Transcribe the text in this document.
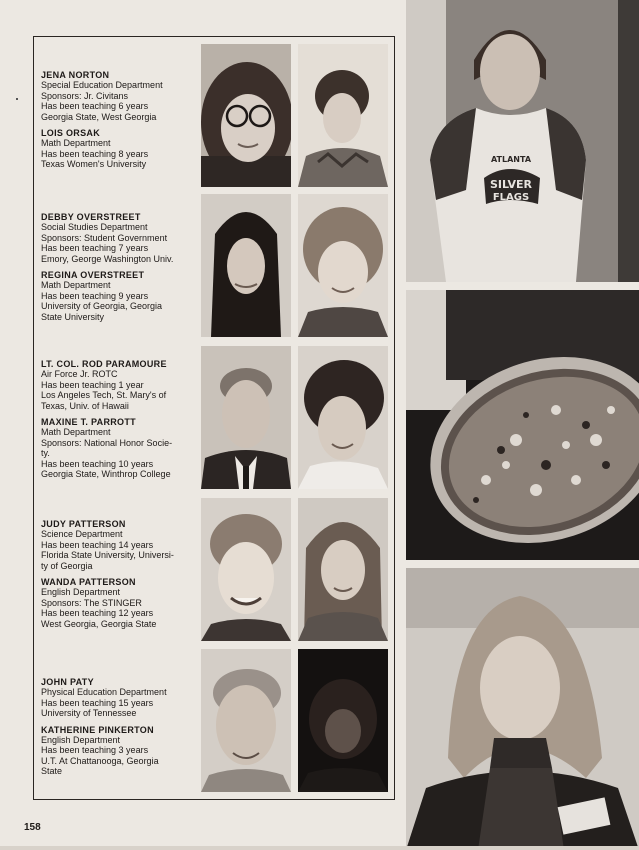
JENA NORTON
Special Education Department
Sponsors: Jr. Civitans
Has been teaching 6 years
Georgia State, West Georgia
LOIS ORSAK
Math Department
Has been teaching 8 years
Texas Women's University
DEBBY OVERSTREET
Social Studies Department
Sponsors: Student Government
Has been teaching 7 years
Emory, George Washington Univ.
REGINA OVERSTREET
Math Department
Has been teaching 9 years
University of Georgia, Georgia
State University
LT. COL. ROD PARAMOURE
Air Force Jr. ROTC
Has been teaching 1 year
Los Angeles Tech, St. Mary's of
Texas, Univ. of Hawaii
MAXINE T. PARROTT
Math Department
Sponsors: National Honor Socie-
ty.
Has been teaching 10 years
Georgia State, Winthrop College
JUDY PATTERSON
Science Department
Has been teaching 14 years
Florida State University, Universi-
ty of Georgia
WANDA PATTERSON
English Department
Sponsors: The STINGER
Has been teaching 12 years
West Georgia, Georgia State
JOHN PATY
Physical Education Department
Has been teaching 15 years
University of Tennessee
KATHERINE PINKERTON
English Department
Has been teaching 3 years
U.T. At Chattanooga, Georgia
State
ATLANTA
SILVER
FLAGS
158
